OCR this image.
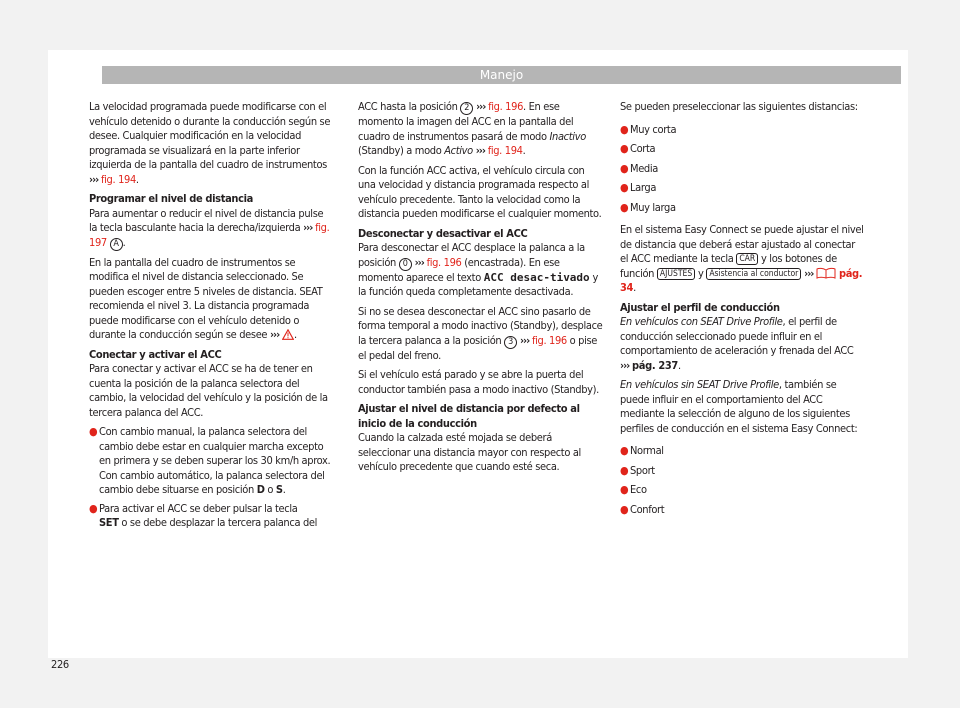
Manejo

La velocidad programada puede modificarse con el vehículo detenido o durante la conducción según se desee. Cualquier modificación en la velocidad programada se visualizará en la parte inferior izquierda de la pantalla del cuadro de instrumentos ››› fig. 194.

Programar el nivel de distancia

Para aumentar o reducir el nivel de distancia pulse la tecla basculante hacia la derecha/izquierda ››› fig. 197 A .

En la pantalla del cuadro de instrumentos se modifica el nivel de distancia seleccionado. Se pueden escoger entre 5 niveles de distancia. SEAT recomienda el nivel 3. La distancia programada puede modificarse con el vehículo detenido o durante la conducción según se desee ››› .

Conectar y activar el ACC

Para conectar y activar el ACC se ha de tener en cuenta la posición de la palanca selectora del cambio, la velocidad del vehículo y la posición de la tercera palanca del ACC.

● Con cambio manual, la palanca selectora del cambio debe estar en cualquier marcha excepto en primera y se deben superar los 30 km/h aprox. Con cambio automático, la palanca selectora del cambio debe situarse en posición D o S.
● Para activar el ACC se deber pulsar la tecla
SET o se debe desplazar la tercera palanca del
226

ACC hasta la posición 2 ››› fig. 196. En ese momento la imagen del ACC en la pantalla del cuadro de instrumentos pasará de modo Inactivo (Standby) a modo Activo ››› fig. 194.

Con la función ACC activa, el vehículo circula con una velocidad y distancia programada respecto al vehículo precedente. Tanto la velocidad como la distancia pueden modificarse el cualquier momento.

Desconectar y desactivar el ACC

Para desconectar el ACC desplace la palanca a la posición 0 ››› fig. 196 (encastrada). En ese momento aparece el texto ACC desac-tivado y la función queda completamente desactivada.

Si no se desea desconectar el ACC sino pasarlo de forma temporal a modo inactivo (Standby), desplace la tercera palanca a la posición 3 ››› fig. 196 o pise el pedal del freno.

Si el vehículo está parado y se abre la puerta del conductor también pasa a modo inactivo (Standby).

Ajustar el nivel de distancia por defecto al inicio de la conducción

Cuando la calzada esté mojada se deberá seleccionar una distancia mayor con respecto al vehículo precedente que cuando esté seca.

Se pueden preseleccionar las siguientes distancias:

● Muy corta
● Corta
● Media
● Larga
● Muy larga

En el sistema Easy Connect se puede ajustar el nivel de distancia que deberá estar ajustado al conectar el ACC mediante la tecla CAR y los botones de función AJUSTES y Asistencia al conductor ››› pág. 34.

Ajustar el perfil de conducción

En vehículos con SEAT Drive Profile, el perfil de conducción seleccionado puede influir en el comportamiento de aceleración y frenada del ACC ››› pág. 237.

En vehículos sin SEAT Drive Profile, también se puede influir en el comportamiento del ACC mediante la selección de alguno de los siguientes perfiles de conducción en el sistema Easy Connect:

● Normal
● Sport
● Eco
● Confort
